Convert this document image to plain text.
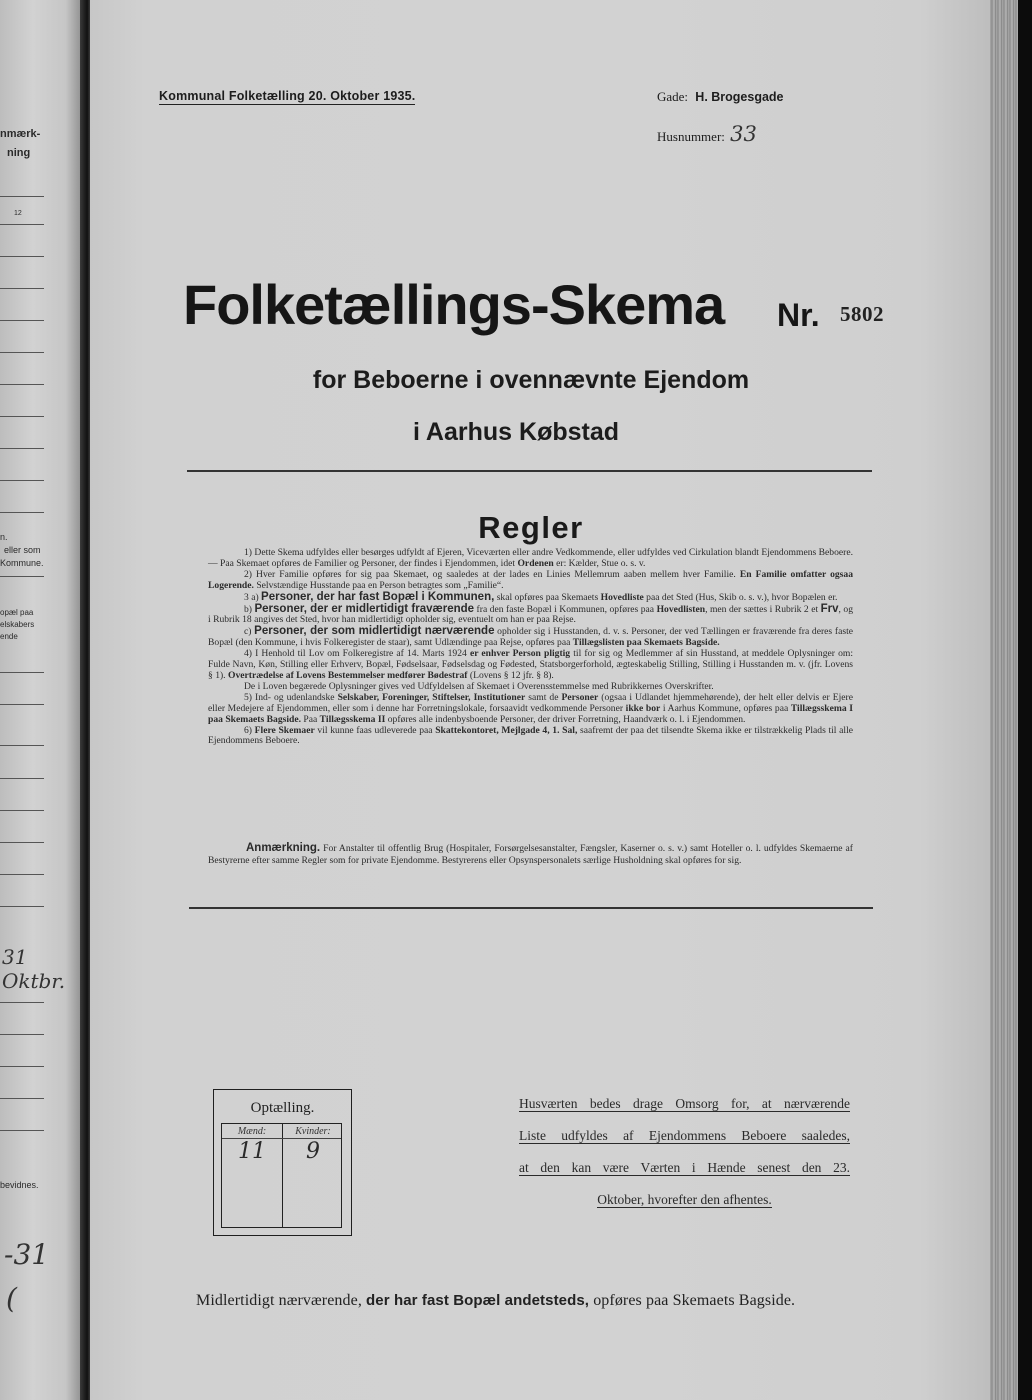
nmærk-
ning
12
n.
eller som
Kommune.
opæl paa
elskabers
ende
31 Oktbr.
bevidnes.
-31
(
Kommunal Folketælling 20. Oktober 1935.	Gade: H. Brogesgade
Husnummer: 33
Folketællings-Skema Nr. 5802
for Beboerne i ovennævnte Ejendom
i Aarhus Købstad
Regler

1) Dette Skema udfyldes eller besørges udfyldt af Ejeren, Viceværten eller andre Vedkommende, eller udfyldes ved Cirkulation blandt Ejendommens Beboere. — Paa Skemaet opføres de Familier og Personer, der findes i Ejendommen, idet Ordenen er: Kælder, Stue o. s. v.

2) Hver Familie opføres for sig paa Skemaet, og saaledes at der lades en Linies Mellemrum aaben mellem hver Familie. En Familie omfatter ogsaa Logerende. Selvstændige Husstande paa en Person betragtes som „Familie“.

3 a) Personer, der har fast Bopæl i Kommunen, skal opføres paa Skemaets Hovedliste paa det Sted (Hus, Skib o. s. v.), hvor Bopælen er.

b) Personer, der er midlertidigt fraværende fra den faste Bopæl i Kommunen, opføres paa Hovedlisten, men der sættes i Rubrik 2 et Frv, og i Rubrik 18 angives det Sted, hvor han midlertidigt opholder sig, eventuelt om han er paa Rejse.

c) Personer, der som midlertidigt nærværende opholder sig i Husstanden, d. v. s. Personer, der ved Tællingen er fraværende fra deres faste Bopæl (den Kommune, i hvis Folkeregister de staar), samt Udlændinge paa Rejse, opføres paa Tillægslisten paa Skemaets Bagside.

4) I Henhold til Lov om Folkeregistre af 14. Marts 1924 er enhver Person pligtig til for sig og Medlemmer af sin Husstand, at meddele Oplysninger om: Fulde Navn, Køn, Stilling eller Erhverv, Bopæl, Fødselsaar, Fødselsdag og Fødested, Statsborgerforhold, ægteskabelig Stilling, Stilling i Husstanden m. v. (jfr. Lovens § 1). Overtrædelse af Lovens Bestemmelser medfører Bødestraf (Lovens § 12 jfr. § 8).

De i Loven begærede Oplysninger gives ved Udfyldelsen af Skemaet i Overensstemmelse med Rubrikkernes Overskrifter.

5) Ind- og udenlandske Selskaber, Foreninger, Stiftelser, Institutioner samt de Personer (ogsaa i Udlandet hjemmehørende), der helt eller delvis er Ejere eller Medejere af Ejendommen, eller som i denne har Forretningslokale, forsaavidt vedkommende Personer ikke bor i Aarhus Kommune, opføres paa Tillægsskema I paa Skemaets Bagside. Paa Tillægsskema II opføres alle indenbysboende Personer, der driver Forretning, Haandværk o. l. i Ejendommen.

6) Flere Skemaer vil kunne faas udleverede paa Skattekontoret, Mejlgade 4, 1. Sal, saafremt der paa det tilsendte Skema ikke er tilstrækkelig Plads til alle Ejendommens Beboere.

Anmærkning. For Anstalter til offentlig Brug (Hospitaler, Forsørgelsesanstalter, Fængsler, Kaserner o. s. v.) samt Hoteller o. l. udfyldes Skemaerne af Bestyrerne efter samme Regler som for private Ejendomme. Bestyrerens eller Opsynspersonalets særlige Husholdning skal opføres for sig.
Optælling.
Mænd:	Kvinder:
11	9
Husværten bedes drage Omsorg for, at nærværende
Liste udfyldes af Ejendommens Beboere saaledes,
at den kan være Værten i Hænde senest den 23.
Oktober, hvorefter den afhentes.
Midlertidigt nærværende, der har fast Bopæl andetsteds, opføres paa Skemaets Bagside.
